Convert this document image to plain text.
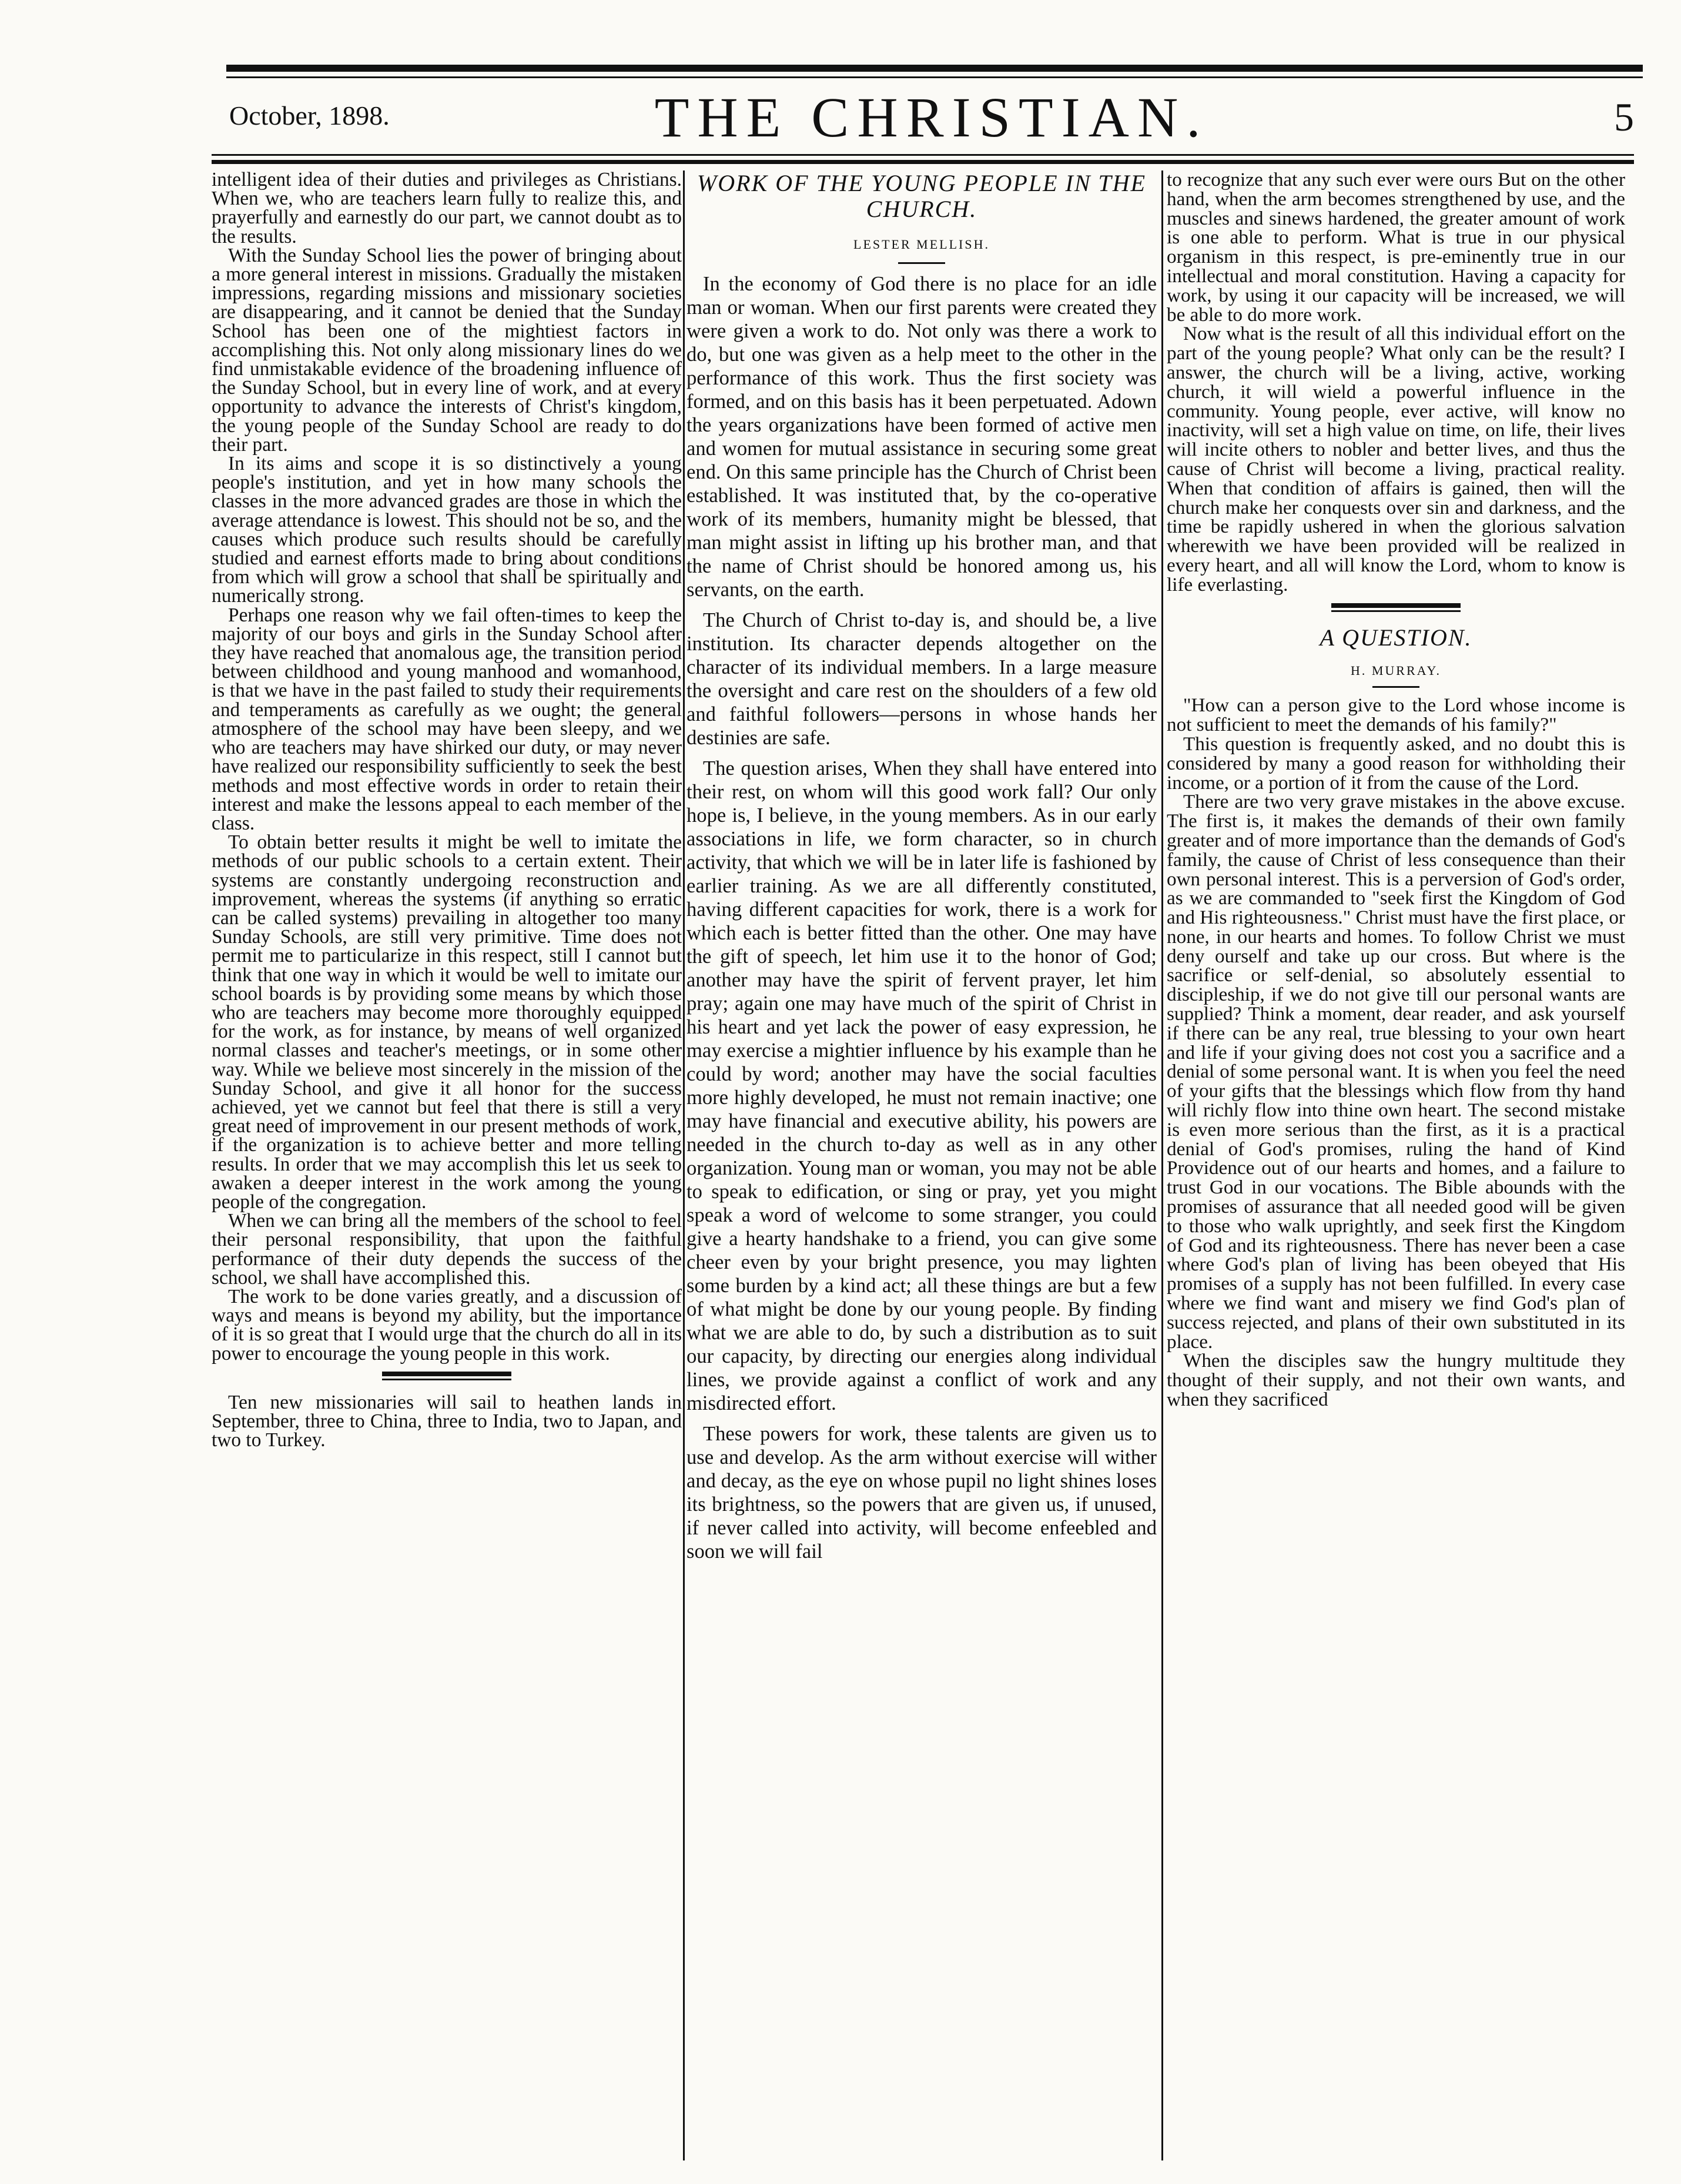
October, 1898.	THE CHRISTIAN.	5

intelligent idea of their duties and privileges as Christians. When we, who are teachers learn fully to realize this, and prayerfully and earnestly do our part, we cannot doubt as to the results.

With the Sunday School lies the power of bringing about a more general interest in missions. Gradually the mistaken impressions, regarding missions and missionary societies are disappearing, and it cannot be denied that the Sunday School has been one of the mightiest factors in accomplishing this. Not only along missionary lines do we find unmistakable evidence of the broadening influence of the Sunday School, but in every line of work, and at every opportunity to advance the interests of Christ's kingdom, the young people of the Sunday School are ready to do their part.

In its aims and scope it is so distinctively a young people's institution, and yet in how many schools the classes in the more advanced grades are those in which the average attendance is lowest. This should not be so, and the causes which produce such results should be carefully studied and earnest efforts made to bring about conditions from which will grow a school that shall be spiritually and numerically strong.

Perhaps one reason why we fail often-times to keep the majority of our boys and girls in the Sunday School after they have reached that anomalous age, the transition period between childhood and young manhood and womanhood, is that we have in the past failed to study their requirements and temperaments as carefully as we ought; the general atmosphere of the school may have been sleepy, and we who are teachers may have shirked our duty, or may never have realized our responsibility sufficiently to seek the best methods and most effective words in order to retain their interest and make the lessons appeal to each member of the class.

To obtain better results it might be well to imitate the methods of our public schools to a certain extent. Their systems are constantly undergoing reconstruction and improvement, whereas the systems (if anything so erratic can be called systems) prevailing in altogether too many Sunday Schools, are still very primitive. Time does not permit me to particularize in this respect, still I cannot but think that one way in which it would be well to imitate our school boards is by providing some means by which those who are teachers may become more thoroughly equipped for the work, as for instance, by means of well organized normal classes and teacher's meetings, or in some other way. While we believe most sincerely in the mission of the Sunday School, and give it all honor for the success achieved, yet we cannot but feel that there is still a very great need of improvement in our present methods of work, if the organization is to achieve better and more telling results. In order that we may accomplish this let us seek to awaken a deeper interest in the work among the young people of the congregation.

When we can bring all the members of the school to feel their personal responsibility, that upon the faithful performance of their duty depends the success of the school, we shall have accomplished this.

The work to be done varies greatly, and a discussion of ways and means is beyond my ability, but the importance of it is so great that I would urge that the church do all in its power to encourage the young people in this work.

Ten new missionaries will sail to heathen lands in September, three to China, three to India, two to Japan, and two to Turkey.

WORK OF THE YOUNG PEOPLE IN THE CHURCH.
LESTER MELLISH.

In the economy of God there is no place for an idle man or woman. When our first parents were created they were given a work to do. Not only was there a work to do, but one was given as a help meet to the other in the performance of this work. Thus the first society was formed, and on this basis has it been perpetuated. Adown the years organizations have been formed of active men and women for mutual assistance in securing some great end. On this same principle has the Church of Christ been established. It was instituted that, by the co-operative work of its members, humanity might be blessed, that man might assist in lifting up his brother man, and that the name of Christ should be honored among us, his servants, on the earth.

The Church of Christ to-day is, and should be, a live institution. Its character depends altogether on the character of its individual members. In a large measure the oversight and care rest on the shoulders of a few old and faithful followers—persons in whose hands her destinies are safe.

The question arises, When they shall have entered into their rest, on whom will this good work fall? Our only hope is, I believe, in the young members. As in our early associations in life, we form character, so in church activity, that which we will be in later life is fashioned by earlier training. As we are all differently constituted, having different capacities for work, there is a work for which each is better fitted than the other. One may have the gift of speech, let him use it to the honor of God; another may have the spirit of fervent prayer, let him pray; again one may have much of the spirit of Christ in his heart and yet lack the power of easy expression, he may exercise a mightier influence by his example than he could by word; another may have the social faculties more highly developed, he must not remain inactive; one may have financial and executive ability, his powers are needed in the church to-day as well as in any other organization. Young man or woman, you may not be able to speak to edification, or sing or pray, yet you might speak a word of welcome to some stranger, you could give a hearty handshake to a friend, you can give some cheer even by your bright presence, you may lighten some burden by a kind act; all these things are but a few of what might be done by our young people. By finding what we are able to do, by such a distribution as to suit our capacity, by directing our energies along individual lines, we provide against a conflict of work and any misdirected effort.

These powers for work, these talents are given us to use and develop. As the arm without exercise will wither and decay, as the eye on whose pupil no light shines loses its brightness, so the powers that are given us, if unused, if never called into activity, will become enfeebled and soon we will fail

to recognize that any such ever were ours But on the other hand, when the arm becomes strengthened by use, and the muscles and sinews hardened, the greater amount of work is one able to perform. What is true in our physical organism in this respect, is pre-eminently true in our intellectual and moral constitution. Having a capacity for work, by using it our capacity will be increased, we will be able to do more work.

Now what is the result of all this individual effort on the part of the young people? What only can be the result? I answer, the church will be a living, active, working church, it will wield a powerful influence in the community. Young people, ever active, will know no inactivity, will set a high value on time, on life, their lives will incite others to nobler and better lives, and thus the cause of Christ will become a living, practical reality. When that condition of affairs is gained, then will the church make her conquests over sin and darkness, and the time be rapidly ushered in when the glorious salvation wherewith we have been provided will be realized in every heart, and all will know the Lord, whom to know is life everlasting.

A QUESTION.
H. MURRAY.

"How can a person give to the Lord whose income is not sufficient to meet the demands of his family?"

This question is frequently asked, and no doubt this is considered by many a good reason for withholding their income, or a portion of it from the cause of the Lord.

There are two very grave mistakes in the above excuse. The first is, it makes the demands of their own family greater and of more importance than the demands of God's family, the cause of Christ of less consequence than their own personal interest. This is a perversion of God's order, as we are commanded to "seek first the Kingdom of God and His righteousness." Christ must have the first place, or none, in our hearts and homes. To follow Christ we must deny ourself and take up our cross. But where is the sacrifice or self-denial, so absolutely essential to discipleship, if we do not give till our personal wants are supplied? Think a moment, dear reader, and ask yourself if there can be any real, true blessing to your own heart and life if your giving does not cost you a sacrifice and a denial of some personal want. It is when you feel the need of your gifts that the blessings which flow from thy hand will richly flow into thine own heart. The second mistake is even more serious than the first, as it is a practical denial of God's promises, ruling the hand of Kind Providence out of our hearts and homes, and a failure to trust God in our vocations. The Bible abounds with the promises of assurance that all needed good will be given to those who walk uprightly, and seek first the Kingdom of God and its righteousness. There has never been a case where God's plan of living has been obeyed that His promises of a supply has not been fulfilled. In every case where we find want and misery we find God's plan of success rejected, and plans of their own substituted in its place.

When the disciples saw the hungry multitude they thought of their supply, and not their own wants, and when they sacrificed
